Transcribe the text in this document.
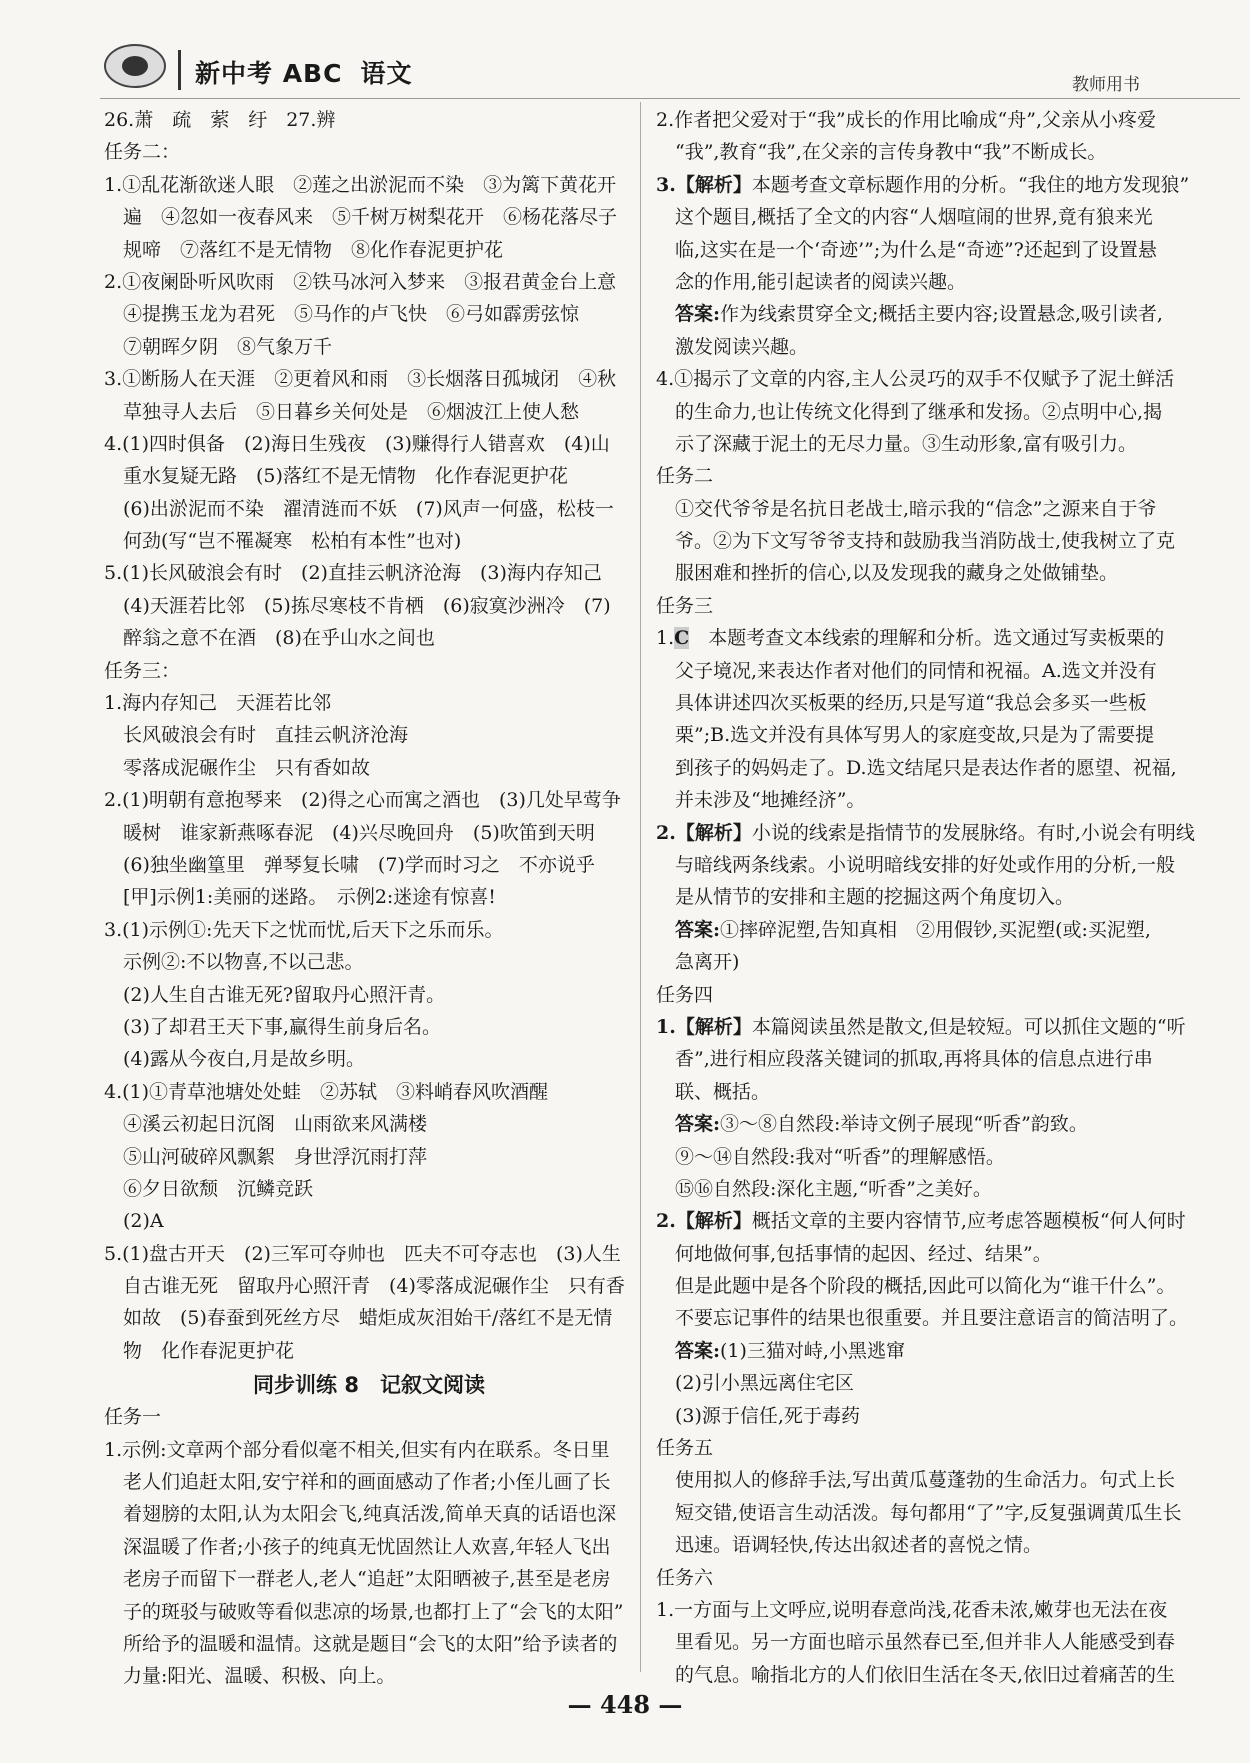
新中考 ABC 语文	教师用书
26.萧　疏　萦　纡　27.辨
任务二：
1.①乱花渐欲迷人眼　②莲之出淤泥而不染　③为篱下黄花开
　遍　④忽如一夜春风来　⑤千树万树梨花开　⑥杨花落尽子
　规啼　⑦落红不是无情物　⑧化作春泥更护花
2.①夜阑卧听风吹雨　②铁马冰河入梦来　③报君黄金台上意
　④提携玉龙为君死　⑤马作的卢飞快　⑥弓如霹雳弦惊
　⑦朝晖夕阴　⑧气象万千
3.①断肠人在天涯　②更着风和雨　③长烟落日孤城闭　④秋
　草独寻人去后　⑤日暮乡关何处是　⑥烟波江上使人愁
4.(1)四时俱备　(2)海日生残夜　(3)赚得行人错喜欢　(4)山
　重水复疑无路　(5)落红不是无情物　化作春泥更护花
　(6)出淤泥而不染　濯清涟而不妖　(7)风声一何盛，松枝一
　何劲(写“岂不罹凝寒　松柏有本性”也对)
5.(1)长风破浪会有时　(2)直挂云帆济沧海　(3)海内存知己
　(4)天涯若比邻　(5)拣尽寒枝不肯栖　(6)寂寞沙洲冷　(7)
　醉翁之意不在酒　(8)在乎山水之间也
任务三：
1.海内存知己　天涯若比邻
　长风破浪会有时　直挂云帆济沧海
　零落成泥碾作尘　只有香如故
2.(1)明朝有意抱琴来　(2)得之心而寓之酒也　(3)几处早莺争
　暖树　谁家新燕啄春泥　(4)兴尽晚回舟　(5)吹笛到天明
　(6)独坐幽篁里　弹琴复长啸　(7)学而时习之　不亦说乎
　[甲]示例1:美丽的迷路。　示例2:迷途有惊喜!
3.(1)示例①:先天下之忧而忧,后天下之乐而乐。
　示例②:不以物喜,不以己悲。
　(2)人生自古谁无死?留取丹心照汗青。
　(3)了却君王天下事,赢得生前身后名。
　(4)露从今夜白,月是故乡明。
4.(1)①青草池塘处处蛙　②苏轼　③料峭春风吹酒醒
　④溪云初起日沉阁　山雨欲来风满楼
　⑤山河破碎风飘絮　身世浮沉雨打萍
　⑥夕日欲颓　沉鳞竞跃
　(2)A
5.(1)盘古开天　(2)三军可夺帅也　匹夫不可夺志也　(3)人生
　自古谁无死　留取丹心照汗青　(4)零落成泥碾作尘　只有香
　如故　(5)春蚕到死丝方尽　蜡炬成灰泪始干/落红不是无情
　物　化作春泥更护花
同步训练 8　记叙文阅读
任务一
1.示例:文章两个部分看似毫不相关,但实有内在联系。冬日里
　老人们追赶太阳,安宁祥和的画面感动了作者;小侄儿画了长
　着翅膀的太阳,认为太阳会飞,纯真活泼,简单天真的话语也深
　深温暖了作者;小孩子的纯真无忧固然让人欢喜,年轻人飞出
　老房子而留下一群老人,老人“追赶”太阳晒被子,甚至是老房
　子的斑驳与破败等看似悲凉的场景,也都打上了“会飞的太阳”
　所给予的温暖和温情。这就是题目“会飞的太阳”给予读者的
　力量:阳光、温暖、积极、向上。
2.作者把父爱对于“我”成长的作用比喻成“舟”,父亲从小疼爱
　“我”,教育“我”,在父亲的言传身教中“我”不断成长。
3.【解析】本题考查文章标题作用的分析。“我住的地方发现狼”
　这个题目,概括了全文的内容“人烟喧闹的世界,竟有狼来光
　临,这实在是一个‘奇迹’”;为什么是“奇迹”?还起到了设置悬
　念的作用,能引起读者的阅读兴趣。
　答案:作为线索贯穿全文;概括主要内容;设置悬念,吸引读者,
　激发阅读兴趣。
4.①揭示了文章的内容,主人公灵巧的双手不仅赋予了泥土鲜活
　的生命力,也让传统文化得到了继承和发扬。②点明中心,揭
　示了深藏于泥土的无尽力量。③生动形象,富有吸引力。
任务二
　①交代爷爷是名抗日老战士,暗示我的“信念”之源来自于爷
　爷。②为下文写爷爷支持和鼓励我当消防战士,使我树立了克
　服困难和挫折的信心,以及发现我的藏身之处做铺垫。
任务三
1.C　本题考查文本线索的理解和分析。选文通过写卖板栗的
　父子境况,来表达作者对他们的同情和祝福。A.选文并没有
　具体讲述四次买板栗的经历,只是写道“我总会多买一些板
　栗”;B.选文并没有具体写男人的家庭变故,只是为了需要提
　到孩子的妈妈走了。D.选文结尾只是表达作者的愿望、祝福,
　并未涉及“地摊经济”。
2.【解析】小说的线索是指情节的发展脉络。有时,小说会有明线
　与暗线两条线索。小说明暗线安排的好处或作用的分析,一般
　是从情节的安排和主题的挖掘这两个角度切入。
　答案:①摔碎泥塑,告知真相　②用假钞,买泥塑(或:买泥塑,
　急离开)
任务四
1.【解析】本篇阅读虽然是散文,但是较短。可以抓住文题的“听
　香”,进行相应段落关键词的抓取,再将具体的信息点进行串
　联、概括。
　答案:③～⑧自然段:举诗文例子展现“听香”韵致。
　⑨～⑭自然段:我对“听香”的理解感悟。
　⑮⑯自然段:深化主题,“听香”之美好。
2.【解析】概括文章的主要内容情节,应考虑答题模板“何人何时
　何地做何事,包括事情的起因、经过、结果”。
　但是此题中是各个阶段的概括,因此可以简化为“谁干什么”。
　不要忘记事件的结果也很重要。并且要注意语言的简洁明了。
　答案:(1)三猫对峙,小黑逃窜
　(2)引小黑远离住宅区
　(3)源于信任,死于毒药
任务五
　使用拟人的修辞手法,写出黄瓜蔓蓬勃的生命活力。句式上长
　短交错,使语言生动活泼。每句都用“了”字,反复强调黄瓜生长
　迅速。语调轻快,传达出叙述者的喜悦之情。
任务六
1.一方面与上文呼应,说明春意尚浅,花香未浓,嫩芽也无法在夜
　里看见。另一方面也暗示虽然春已至,但并非人人能感受到春
　的气息。喻指北方的人们依旧生活在冬天,依旧过着痛苦的生
— 448 —
